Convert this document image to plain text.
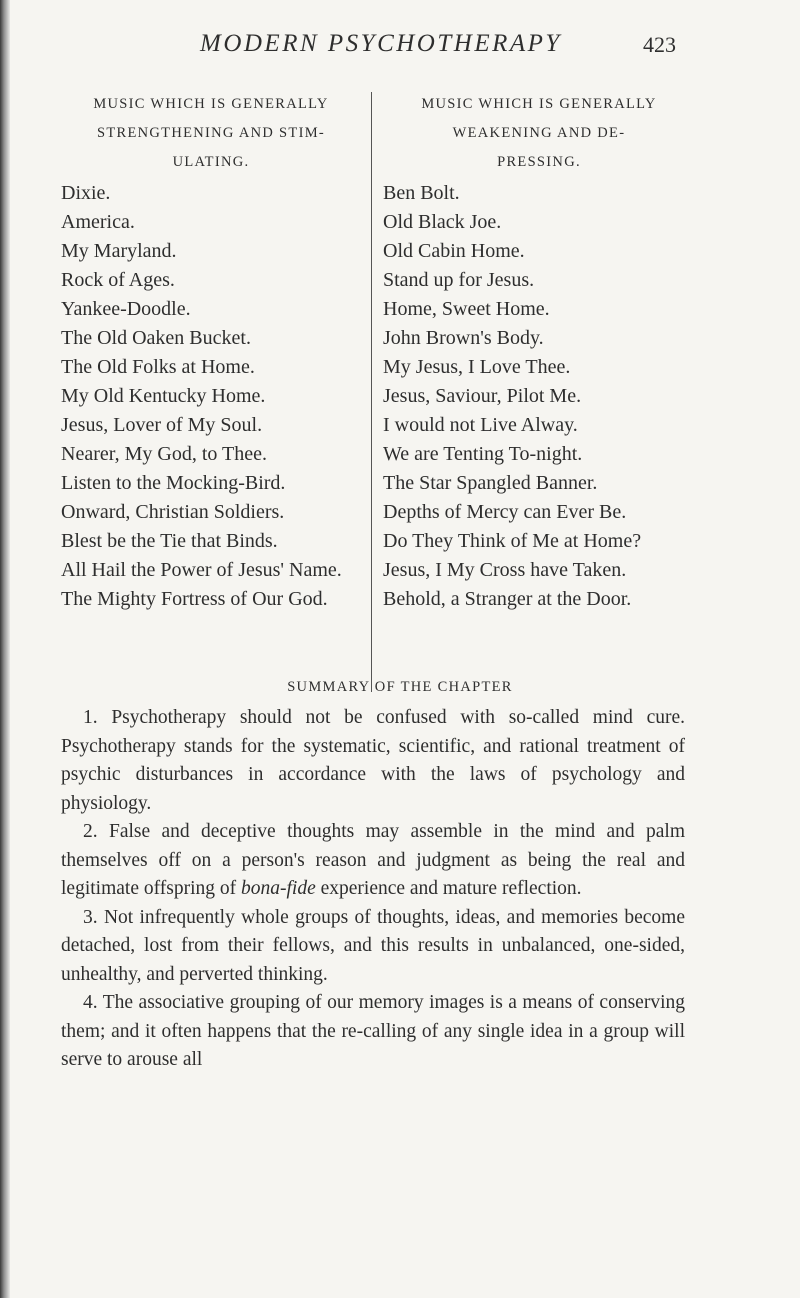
MODERN PSYCHOTHERAPY	423
MUSIC WHICH IS GENERALLY
STRENGTHENING AND STIM-
ULATING.
Dixie.
America.
My Maryland.
Rock of Ages.
Yankee-Doodle.
The Old Oaken Bucket.
The Old Folks at Home.
My Old Kentucky Home.
Jesus, Lover of My Soul.
Nearer, My God, to Thee.
Listen to the Mocking-Bird.
Onward, Christian Soldiers.
Blest be the Tie that Binds.
All Hail the Power of Jesus' Name.
The Mighty Fortress of Our God.
MUSIC WHICH IS GENERALLY
WEAKENING AND DE-
PRESSING.
Ben Bolt.
Old Black Joe.
Old Cabin Home.
Stand up for Jesus.
Home, Sweet Home.
John Brown's Body.
My Jesus, I Love Thee.
Jesus, Saviour, Pilot Me.
I would not Live Alway.
We are Tenting To-night.
The Star Spangled Banner.
Depths of Mercy can Ever Be.
Do They Think of Me at Home?
Jesus, I My Cross have Taken.
Behold, a Stranger at the Door.
SUMMARY OF THE CHAPTER

1. Psychotherapy should not be confused with so-called mind cure. Psychotherapy stands for the systematic, scientific, and rational treatment of psychic disturbances in accordance with the laws of psychology and physiology.

2. False and deceptive thoughts may assemble in the mind and palm themselves off on a person's reason and judgment as being the real and legitimate offspring of bona-fide experience and mature reflection.

3. Not infrequently whole groups of thoughts, ideas, and memories become detached, lost from their fellows, and this results in unbalanced, one-sided, unhealthy, and perverted thinking.

4. The associative grouping of our memory images is a means of conserving them; and it often happens that the re-calling of any single idea in a group will serve to arouse all
